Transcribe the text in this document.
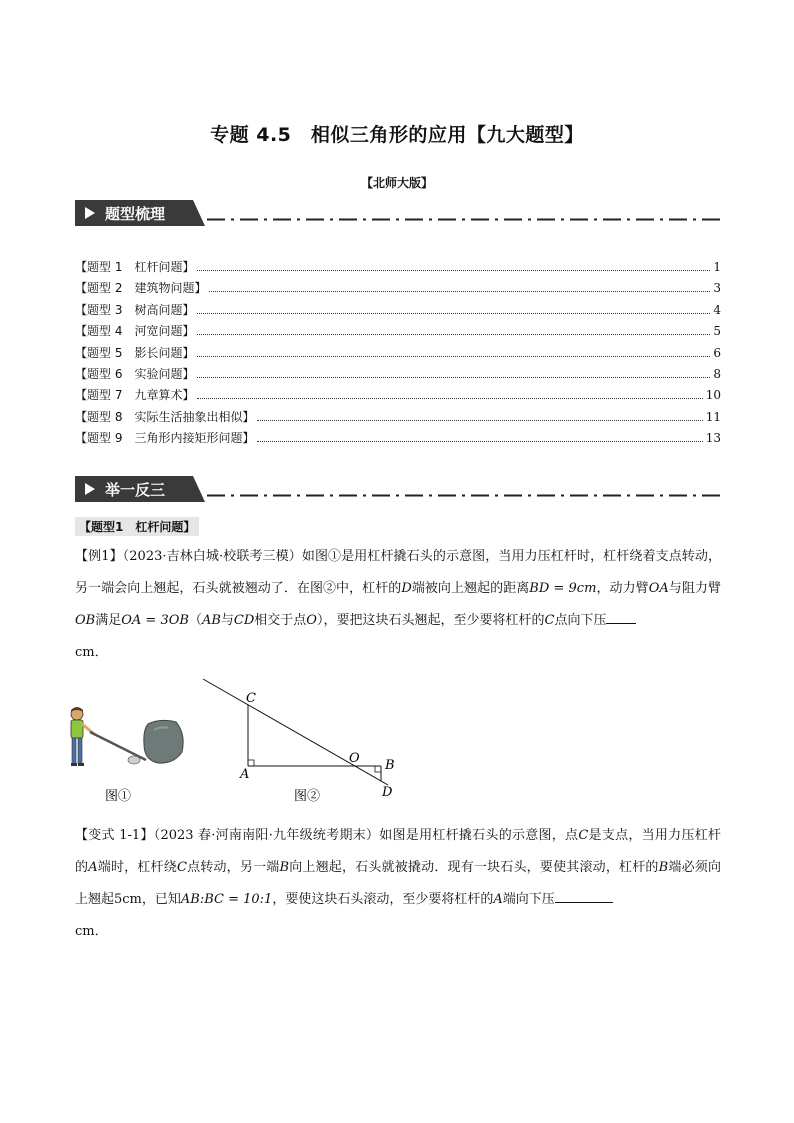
专题 4.5　相似三角形的应用【九大题型】
【北师大版】
题型梳理
【题型 1　杠杆问题】	1
【题型 2　建筑物问题】	3
【题型 3　树高问题】	4
【题型 4　河宽问题】	5
【题型 5　影长问题】	6
【题型 6　实验问题】	8
【题型 7　九章算术】	10
【题型 8　实际生活抽象出相似】	11
【题型 9　三角形内接矩形问题】	13
举一反三
【题型1　杠杆问题】
【例1】（2023·吉林白城·校联考三模）如图①是用杠杆撬石头的示意图，当用力压杠杆时，杠杆绕着支点转动，另一端会向上翘起，石头就被翘动了．在图②中，杠杆的D端被向上翘起的距离BD = 9cm，动力臂OA与阻力臂OB满足OA = 3OB（AB与CD相交于点O），要把这块石头翘起，至少要将杠杆的C点向下压
cm．
图①
C
A
O B
D
图②
【变式 1-1】（2023 春·河南南阳·九年级统考期末）如图是用杠杆撬石头的示意图，点C是支点，当用力压杠杆的A端时，杠杆绕C点转动，另一端B向上翘起，石头就被撬动．现有一块石头，要使其滚动，杠杆的B端必须向上翘起5cm，已知AB:BC = 10:1，要使这块石头滚动，至少要将杠杆的A端向下压
cm．
